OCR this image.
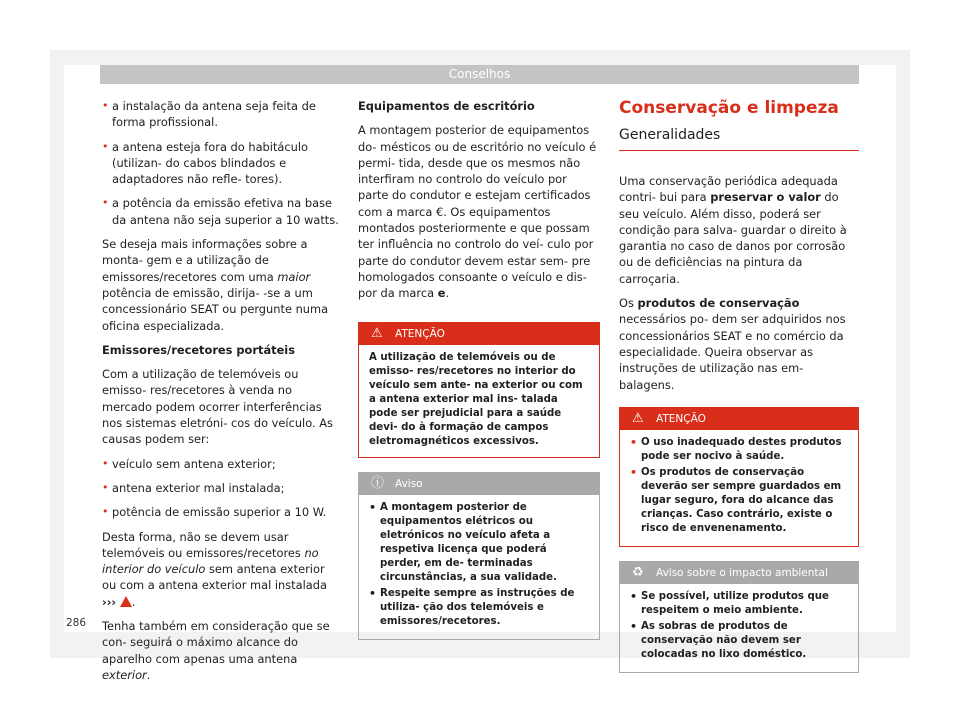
Conselhos

• a instalação da antena seja feita de forma profissional.

• a antena esteja fora do habitáculo (utilizan- do cabos blindados e adaptadores não refle- tores).

• a potência da emissão efetiva na base da antena não seja superior a 10 watts.

Se deseja mais informações sobre a monta- gem e a utilização de emissores/recetores com uma maior potência de emissão, dirija- -se a um concessionário SEAT ou pergunte numa oficina especializada.

Emissores/recetores portáteis

Com a utilização de telemóveis ou emisso- res/recetores à venda no mercado podem ocorrer interferências nos sistemas eletróni- cos do veículo. As causas podem ser:

• veículo sem antena exterior;

• antena exterior mal instalada;

• potência de emissão superior a 10 W.

Desta forma, não se devem usar telemóveis ou emissores/recetores no interior do veículo sem antena exterior ou com a antena exterior mal instalada ››› .

Tenha também em consideração que se con- seguirá o máximo alcance do aparelho com apenas uma antena exterior.

Equipamentos de escritório

A montagem posterior de equipamentos do- mésticos ou de escritório no veículo é permi- tida, desde que os mesmos não interfiram no controlo do veículo por parte do condutor e estejam certificados com a marca €. Os equipamentos montados posteriormente e que possam ter influência no controlo do veí- culo por parte do condutor devem estar sem- pre homologados consoante o veículo e dis- por da marca e.

⚠ ATENÇÃO
A utilização de telemóveis ou de emisso- res/recetores no interior do veículo sem ante- na exterior ou com a antena exterior mal ins- talada pode ser prejudicial para a saúde devi- do à formação de campos eletromagnéticos excessivos.
ⓘ Aviso

• A montagem posterior de equipamentos elétricos ou eletrónicos no veículo afeta a respetiva licença que poderá perder, em de- terminadas circunstâncias, a sua validade.

• Respeite sempre as instruções de utiliza- ção dos telemóveis e emissores/recetores.

Conservação e limpeza

Generalidades

Uma conservação periódica adequada contri- bui para preservar o valor do seu veículo. Além disso, poderá ser condição para salva- guardar o direito à garantia no caso de danos por corrosão ou de deficiências na pintura da carroçaria.

Os produtos de conservação necessários po- dem ser adquiridos nos concessionários SEAT e no comércio da especialidade. Queira observar as instruções de utilização nas em- balagens.

⚠ ATENÇÃO

• O uso inadequado destes produtos pode ser nocivo à saúde.

• Os produtos de conservação deverão ser sempre guardados em lugar seguro, fora do alcance das crianças. Caso contrário, existe o risco de envenenamento.

♻ Aviso sobre o impacto ambiental

• Se possível, utilize produtos que respeitem o meio ambiente.

• As sobras de produtos de conservação não devem ser colocadas no lixo doméstico.

286
